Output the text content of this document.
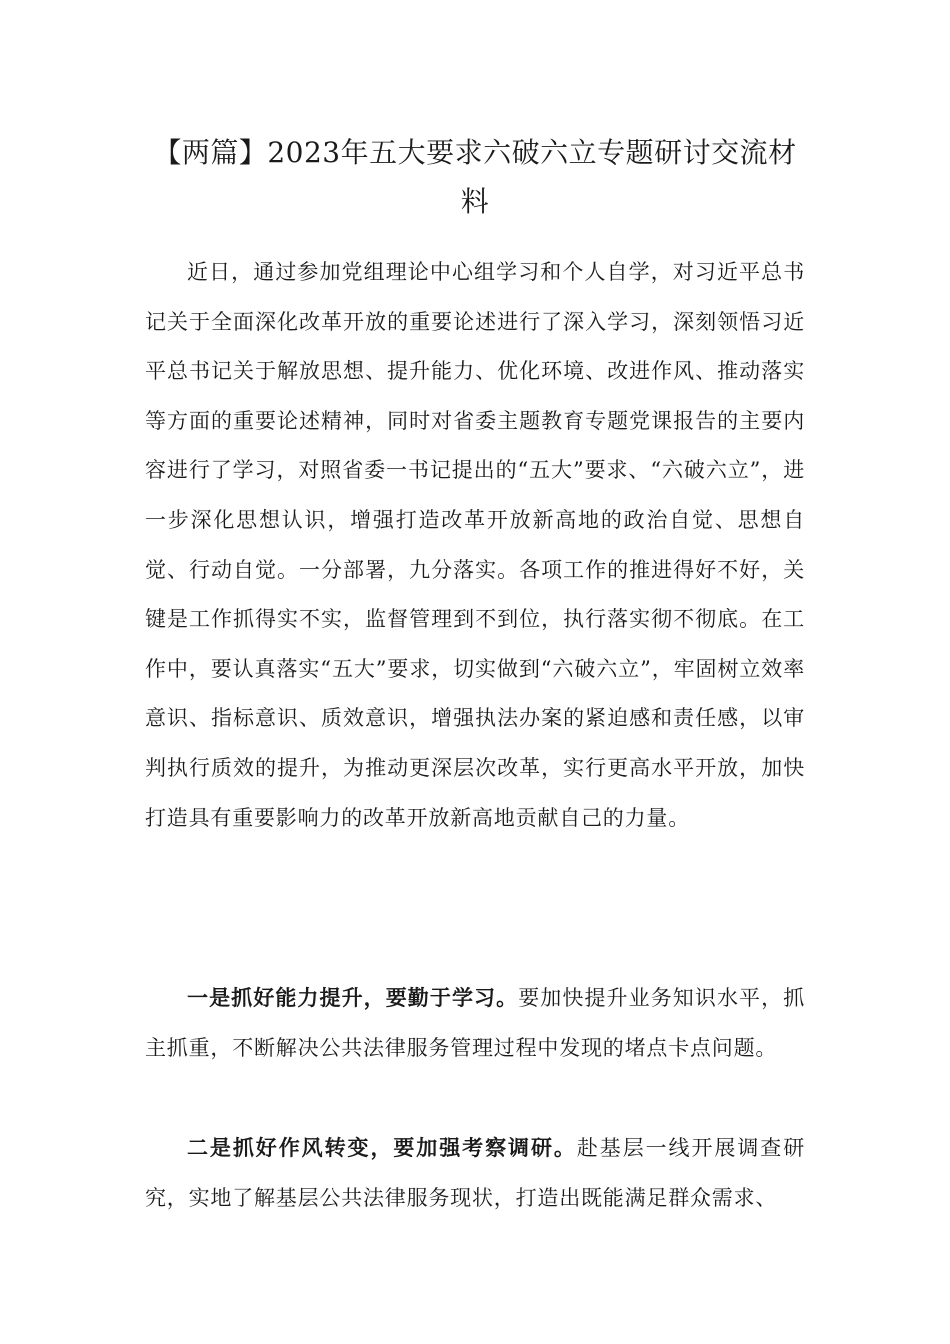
【两篇】2023年五大要求六破六立专题研讨交流材料

近日，通过参加党组理论中心组学习和个人自学，对习近平总书记关于全面深化改革开放的重要论述进行了深入学习，深刻领悟习近平总书记关于解放思想、提升能力、优化环境、改进作风、推动落实等方面的重要论述精神，同时对省委主题教育专题党课报告的主要内容进行了学习，对照省委一书记提出的“五大”要求、“六破六立”，进一步深化思想认识，增强打造改革开放新高地的政治自觉、思想自觉、行动自觉。一分部署，九分落实。各项工作的推进得好不好，关键是工作抓得实不实，监督管理到不到位，执行落实彻不彻底。在工作中，要认真落实“五大”要求，切实做到“六破六立”，牢固树立效率意识、指标意识、质效意识，增强执法办案的紧迫感和责任感，以审判执行质效的提升，为推动更深层次改革，实行更高水平开放，加快打造具有重要影响力的改革开放新高地贡献自己的力量。

一是抓好能力提升，要勤于学习。要加快提升业务知识水平，抓主抓重，不断解决公共法律服务管理过程中发现的堵点卡点问题。

二是抓好作风转变，要加强考察调研。赴基层一线开展调查研究，实地了解基层公共法律服务现状，打造出既能满足群众需求、
